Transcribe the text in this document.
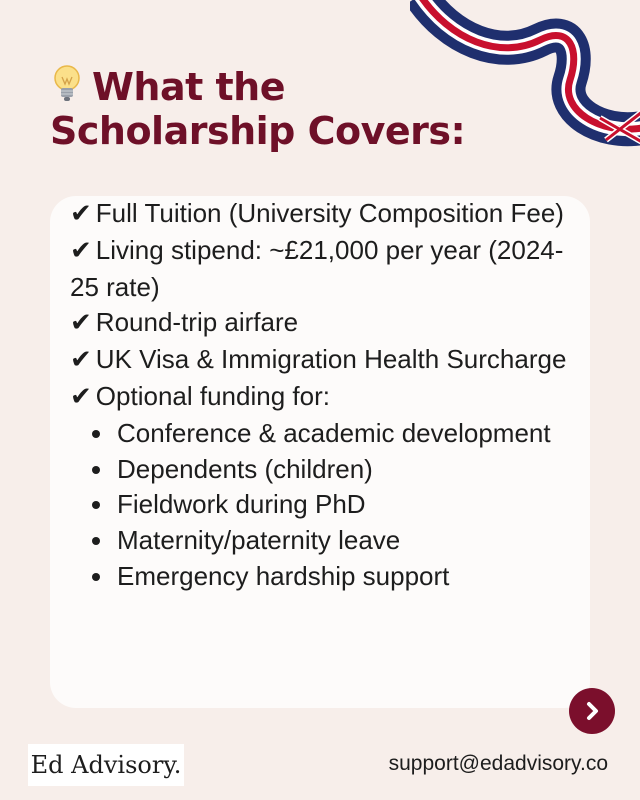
What the Scholarship Covers:
✔ Full Tuition (University Composition Fee)
✔ Living stipend: ~£21,000 per year (2024-25 rate)
✔ Round-trip airfare
✔ UK Visa & Immigration Health Surcharge
✔ Optional funding for:
Conference & academic development
Dependents (children)
Fieldwork during PhD
Maternity/paternity leave
Emergency hardship support
Ed Advisory.	support@edadvisory.co
